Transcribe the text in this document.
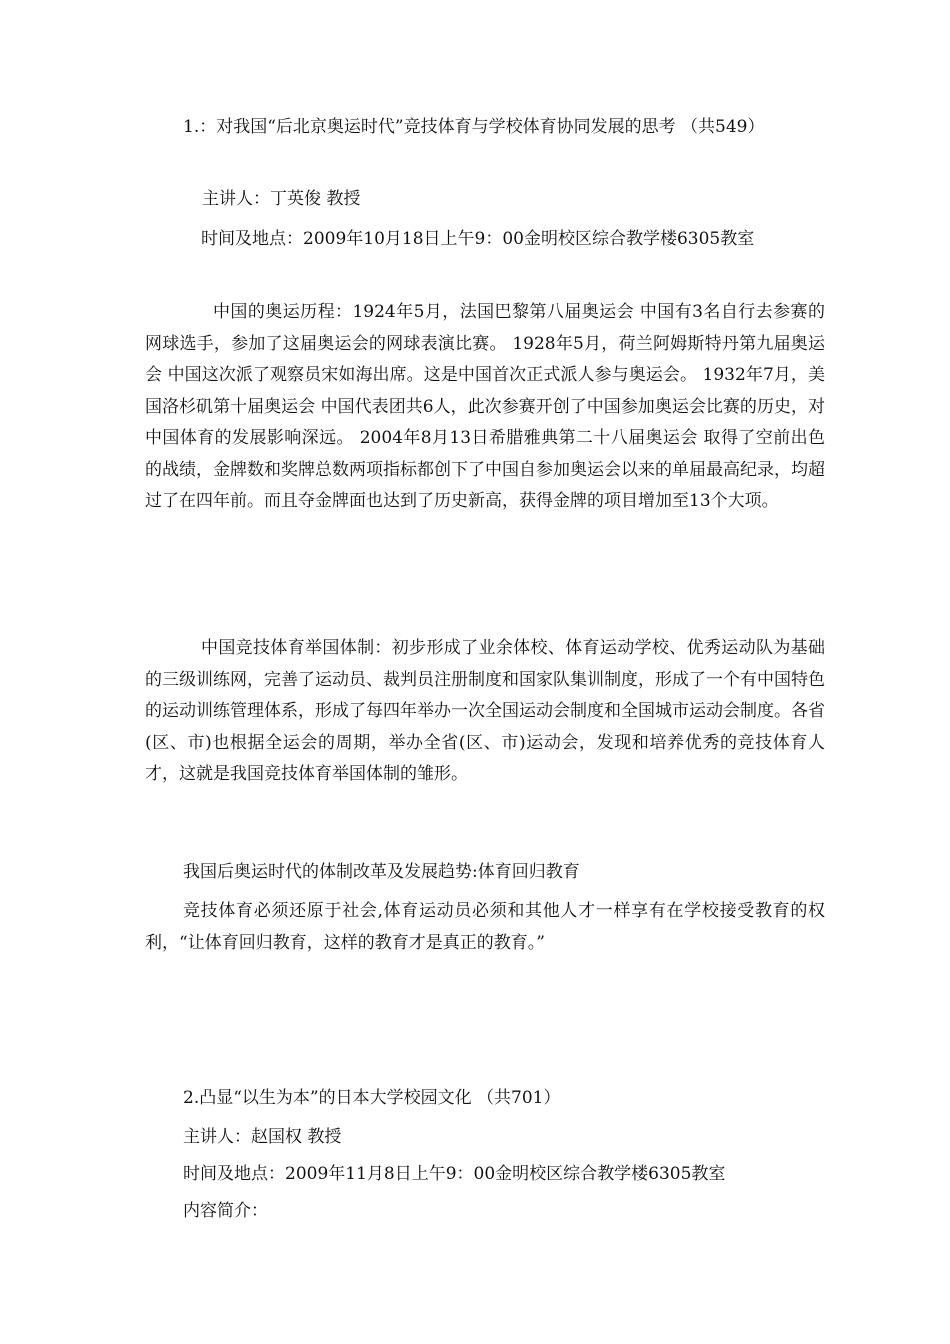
1.：对我国“后北京奥运时代”竞技体育与学校体育协同发展的思考 （共549）
主讲人：丁英俊 教授
时间及地点：2009年10月18日上午9：00金明校区综合教学楼6305教室
中国的奥运历程：1924年5月，法国巴黎第八届奥运会 中国有3名自行去参赛的网球选手，参加了这届奥运会的网球表演比赛。 1928年5月，荷兰阿姆斯特丹第九届奥运会 中国这次派了观察员宋如海出席。这是中国首次正式派人参与奥运会。 1932年7月，美国洛杉矶第十届奥运会 中国代表团共6人，此次参赛开创了中国参加奥运会比赛的历史，对中国体育的发展影响深远。 2004年8月13日希腊雅典第二十八届奥运会 取得了空前出色的战绩，金牌数和奖牌总数两项指标都创下了中国自参加奥运会以来的单届最高纪录，均超过了在四年前。而且夺金牌面也达到了历史新高，获得金牌的项目增加至13个大项。
中国竞技体育举国体制：初步形成了业余体校、体育运动学校、优秀运动队为基础的三级训练网，完善了运动员、裁判员注册制度和国家队集训制度，形成了一个有中国特色的运动训练管理体系，形成了每四年举办一次全国运动会制度和全国城市运动会制度。各省(区、市)也根据全运会的周期，举办全省(区、市)运动会，发现和培养优秀的竞技体育人才，这就是我国竞技体育举国体制的雏形。
我国后奥运时代的体制改革及发展趋势:体育回归教育
竞技体育必须还原于社会,体育运动员必须和其他人才一样享有在学校接受教育的权利，“让体育回归教育，这样的教育才是真正的教育。”
2.凸显“以生为本”的日本大学校园文化 （共701）
主讲人：赵国权 教授
时间及地点：2009年11月8日上午9：00金明校区综合教学楼6305教室
内容简介：
